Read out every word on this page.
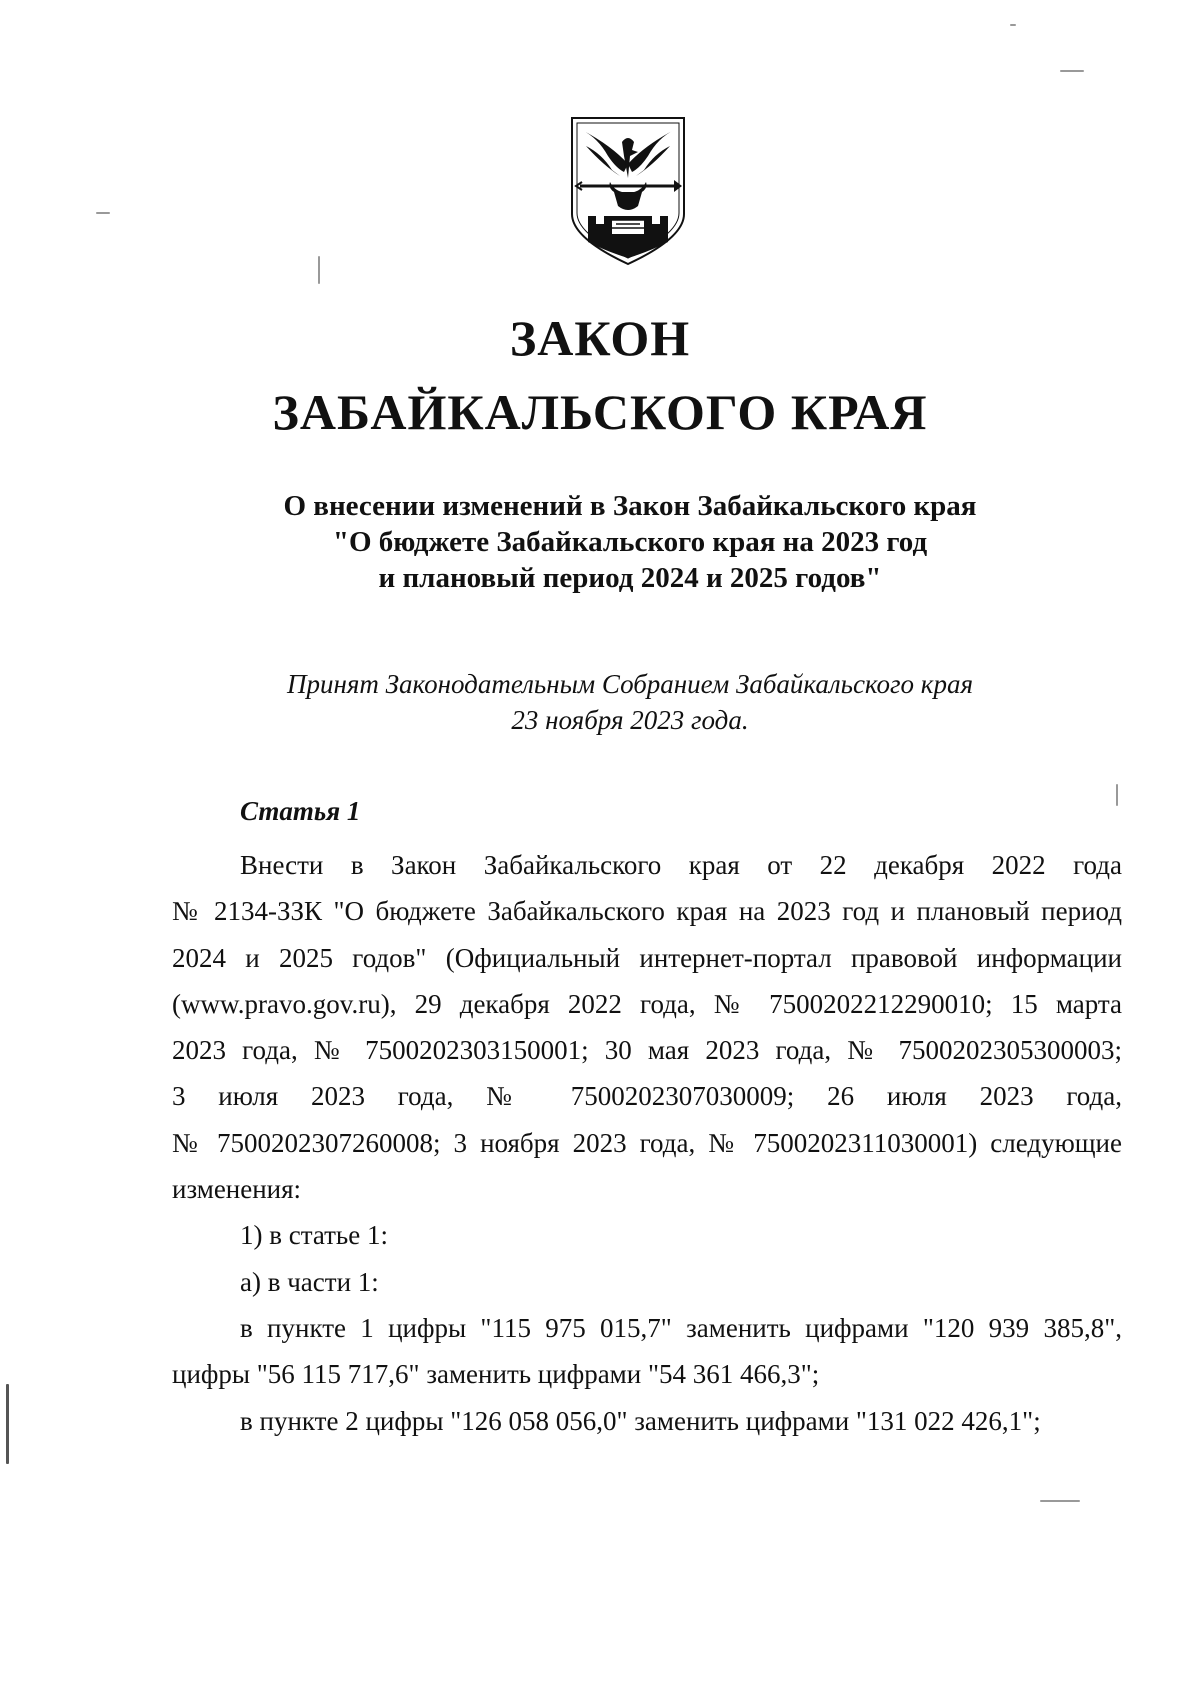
ЗАКОН
ЗАБАЙКАЛЬСКОГО КРАЯ
О внесении изменений в Закон Забайкальского края
"О бюджете Забайкальского края на 2023 год
и плановый период 2024 и 2025 годов"
Принят Законодательным Собранием Забайкальского края
23 ноября 2023 года.
Статья 1
Внести в Закон Забайкальского края от 22 декабря 2022 года
№ 2134-ЗЗК "О бюджете Забайкальского края на 2023 год и плановый период
2024 и 2025 годов" (Официальный интернет-портал правовой информации
(www.pravo.gov.ru), 29 декабря 2022 года, № 7500202212290010; 15 марта
2023 года, № 7500202303150001; 30 мая 2023 года, № 7500202305300003;
3 июля 2023 года, № 7500202307030009; 26 июля 2023 года,
№ 7500202307260008; 3 ноября 2023 года, № 7500202311030001) следующие
изменения:
1) в статье 1:
а) в части 1:
в пункте 1 цифры "115 975 015,7" заменить цифрами "120 939 385,8",
цифры "56 115 717,6" заменить цифрами "54 361 466,3";
в пункте 2 цифры "126 058 056,0" заменить цифрами "131 022 426,1";
